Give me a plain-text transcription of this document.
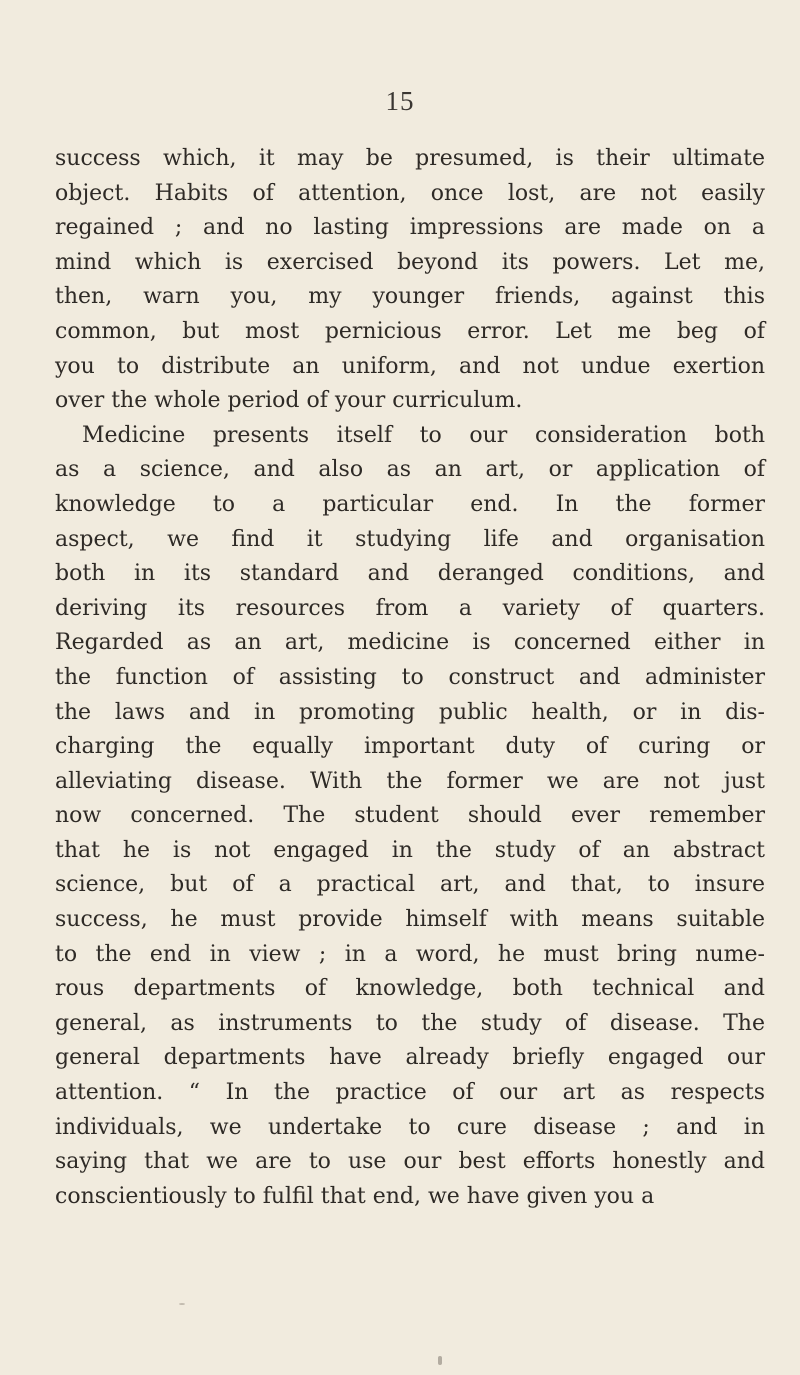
15
success which, it may be presumed, is their ultimate
object. Habits of attention, once lost, are not easily
regained ; and no lasting impressions are made on a
mind which is exercised beyond its powers. Let me,
then, warn you, my younger friends, against this
common, but most pernicious error. Let me beg of
you to distribute an uniform, and not undue exertion
over the whole period of your curriculum.
Medicine presents itself to our consideration both
as a science, and also as an art, or application of
knowledge to a particular end. In the former
aspect, we find it studying life and organisation
both in its standard and deranged conditions, and
deriving its resources from a variety of quarters.
Regarded as an art, medicine is concerned either in
the function of assisting to construct and administer
the laws and in promoting public health, or in dis-
charging the equally important duty of curing or
alleviating disease. With the former we are not just
now concerned. The student should ever remember
that he is not engaged in the study of an abstract
science, but of a practical art, and that, to insure
success, he must provide himself with means suitable
to the end in view ; in a word, he must bring nume-
rous departments of knowledge, both technical and
general, as instruments to the study of disease. The
general departments have already briefly engaged our
attention. “ In the practice of our art as respects
individuals, we undertake to cure disease ; and in
saying that we are to use our best efforts honestly and
conscientiously to fulfil that end, we have given you a
